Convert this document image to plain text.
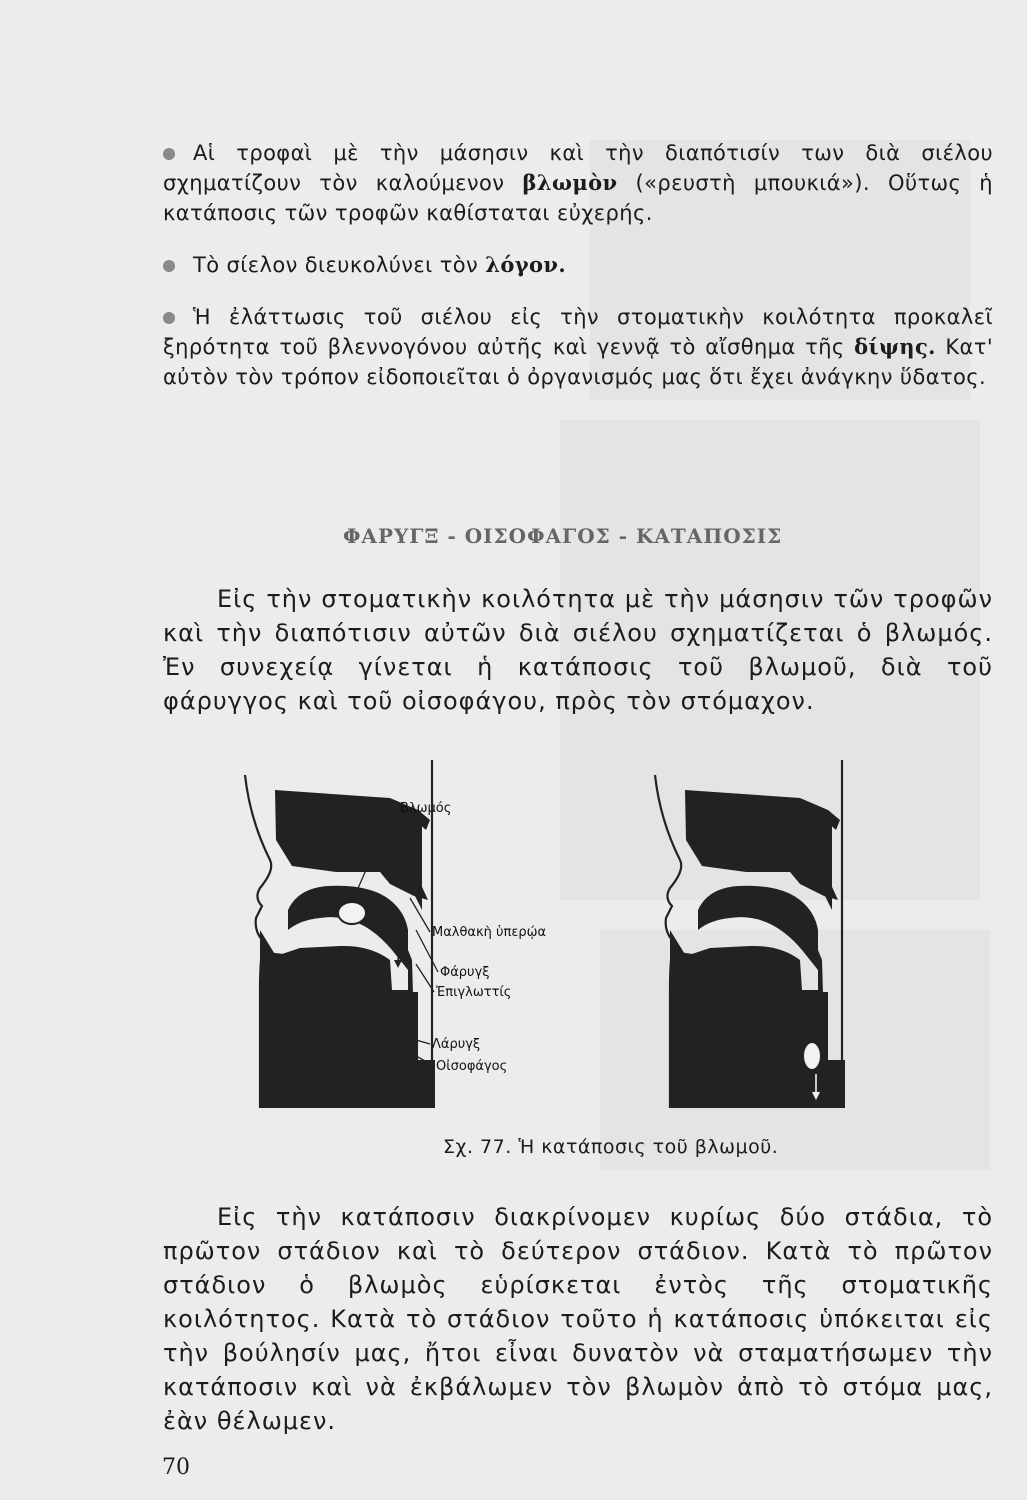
Αἱ τροφαὶ μὲ τὴν μάσησιν καὶ τὴν διαπότισίν των διὰ σιέλου σχηματίζουν τὸν καλούμενον βλωμὸν («ρευστὴ μπουκιά»). Οὕτως ἡ κατάποσις τῶν τροφῶν καθίσταται εὐχερής.

Τὸ σίελον διευκολύνει τὸν λόγον.

Ἡ ἐλάττωσις τοῦ σιέλου εἰς τὴν στοματικὴν κοιλότητα προκαλεῖ ξηρότητα τοῦ βλεννογόνου αὐτῆς καὶ γεννᾷ τὸ αἴσθημα τῆς δίψης. Κατ' αὐτὸν τὸν τρόπον εἰδοποιεῖται ὁ ὀργανισμός μας ὅτι ἔχει ἀνάγκην ὕδατος.

ΦΑΡΥΓΞ - ΟΙΣΟΦΑΓΟΣ - ΚΑΤΑΠΟΣΙΣ

Εἰς τὴν στοματικὴν κοιλότητα μὲ τὴν μάσησιν τῶν τροφῶν καὶ τὴν διαπότισιν αὐτῶν διὰ σιέλου σχηματίζεται ὁ βλωμός. Ἐν συνεχείᾳ γίνεται ἡ κατάποσις τοῦ βλωμοῦ, διὰ τοῦ φάρυγγος καὶ τοῦ οἰσοφάγου, πρὸς τὸν στόμαχον.

Βλωμός
Μαλθακὴ ὑπερῴα
Φάρυγξ
Ἐπιγλωττίς
Λάρυγξ
Οἰσοφάγος
Σχ. 77. Ἡ κατάποσις τοῦ βλωμοῦ.

Εἰς τὴν κατάποσιν διακρίνομεν κυρίως δύο στάδια, τὸ πρῶτον στάδιον καὶ τὸ δεύτερον στάδιον. Κατὰ τὸ πρῶτον στάδιον ὁ βλωμὸς εὑρίσκεται ἐντὸς τῆς στοματικῆς κοιλότητος. Κατὰ τὸ στάδιον τοῦτο ἡ κατάποσις ὑπόκειται εἰς τὴν βούλησίν μας, ἤτοι εἶναι δυνατὸν νὰ σταματήσωμεν τὴν κατάποσιν καὶ νὰ ἐκβάλωμεν τὸν βλωμὸν ἀπὸ τὸ στόμα μας, ἐὰν θέλωμεν.

70
